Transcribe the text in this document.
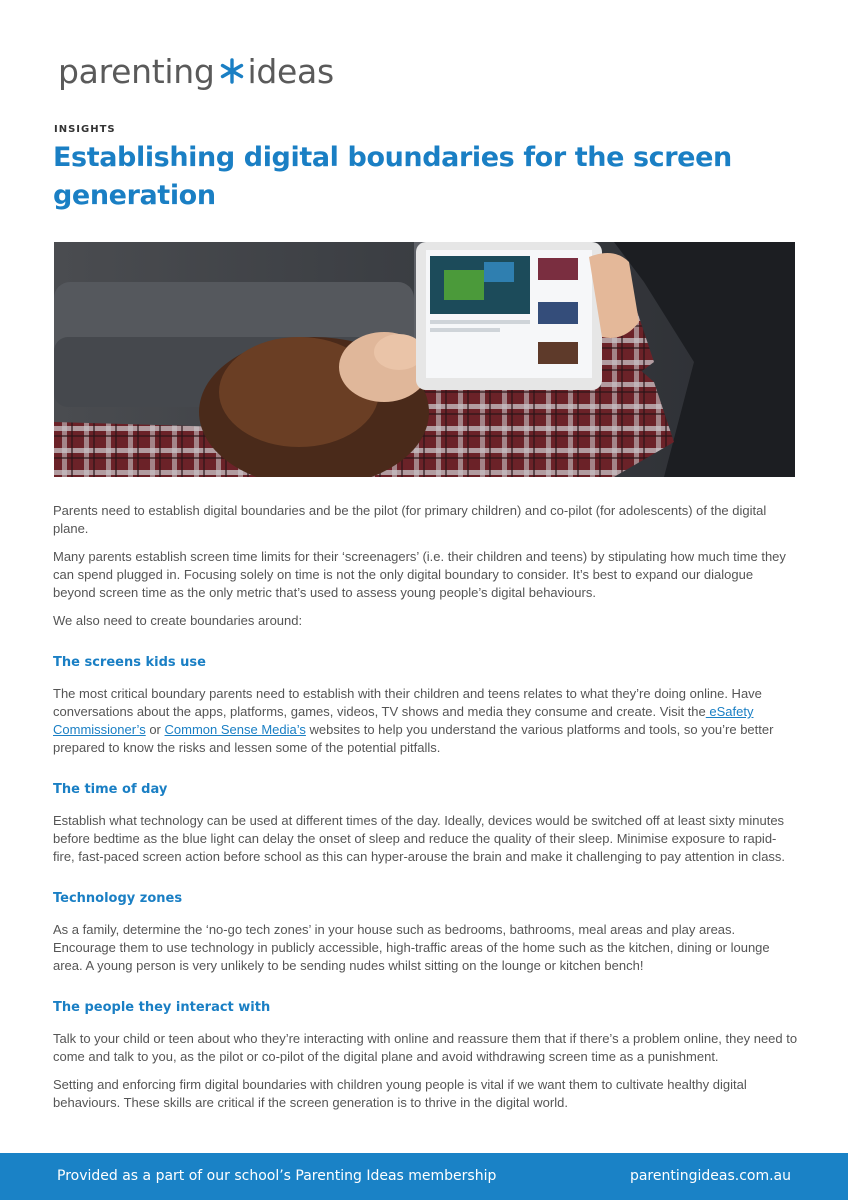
parenting ideas
INSIGHTS
Establishing digital boundaries for the screen generation

Parents need to establish digital boundaries and be the pilot (for primary children) and co-pilot (for adolescents) of the digital plane.

Many parents establish screen time limits for their ‘screenagers’ (i.e. their children and teens) by stipulating how much time they can spend plugged in. Focusing solely on time is not the only digital boundary to consider. It’s best to expand our dialogue beyond screen time as the only metric that’s used to assess young people’s digital behaviours.

We also need to create boundaries around:

The screens kids use

The most critical boundary parents need to establish with their children and teens relates to what they’re doing online. Have conversations about the apps, platforms, games, videos, TV shows and media they consume and create. Visit the eSafety Commissioner’s or Common Sense Media’s websites to help you understand the various platforms and tools, so you’re better prepared to know the risks and lessen some of the potential pitfalls.

The time of day

Establish what technology can be used at different times of the day. Ideally, devices would be switched off at least sixty minutes before bedtime as the blue light can delay the onset of sleep and reduce the quality of their sleep. Minimise exposure to rapid-fire, fast-paced screen action before school as this can hyper-arouse the brain and make it challenging to pay attention in class.

Technology zones

As a family, determine the ‘no-go tech zones’ in your house such as bedrooms, bathrooms, meal areas and play areas. Encourage them to use technology in publicly accessible, high-traffic areas of the home such as the kitchen, dining or lounge area. A young person is very unlikely to be sending nudes whilst sitting on the lounge or kitchen bench!

The people they interact with

Talk to your child or teen about who they’re interacting with online and reassure them that if there’s a problem online, they need to come and talk to you, as the pilot or co-pilot of the digital plane and avoid withdrawing screen time as a punishment.

Setting and enforcing firm digital boundaries with children young people is vital if we want them to cultivate healthy digital behaviours. These skills are critical if the screen generation is to thrive in the digital world.

Provided as a part of our school’s Parenting Ideas membership	parentingideas.com.au
